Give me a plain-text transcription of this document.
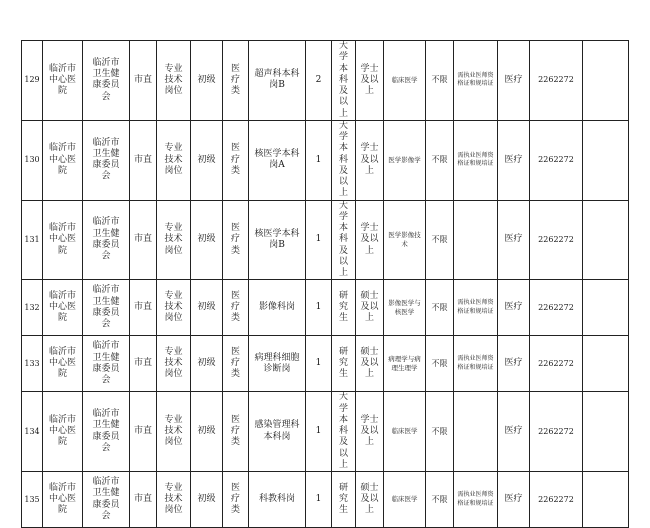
129	临沂市中心医院	临沂市卫生健康委员会	市直	专业技术岗位	初级	医疗类	超声科本科岗B	2	大学本科及以上	学士及以上	临床医学	不限	需执业医师资格证和规培证	医疗	2262272	
130	临沂市中心医院	临沂市卫生健康委员会	市直	专业技术岗位	初级	医疗类	核医学本科岗A	1	大学本科及以上	学士及以上	医学影像学	不限	需执业医师资格证和规培证	医疗	2262272	
131	临沂市中心医院	临沂市卫生健康委员会	市直	专业技术岗位	初级	医疗类	核医学本科岗B	1	大学本科及以上	学士及以上	医学影像技术	不限		医疗	2262272	
132	临沂市中心医院	临沂市卫生健康委员会	市直	专业技术岗位	初级	医疗类	影像科岗	1	研究生	硕士及以上	影像医学与核医学	不限	需执业医师资格证和规培证	医疗	2262272	
133	临沂市中心医院	临沂市卫生健康委员会	市直	专业技术岗位	初级	医疗类	病理科细胞诊断岗	1	研究生	硕士及以上	病理学与病理生理学	不限	需执业医师资格证和规培证	医疗	2262272	
134	临沂市中心医院	临沂市卫生健康委员会	市直	专业技术岗位	初级	医疗类	感染管理科本科岗	1	大学本科及以上	学士及以上	临床医学	不限		医疗	2262272	
135	临沂市中心医院	临沂市卫生健康委员会	市直	专业技术岗位	初级	医疗类	科教科岗	1	研究生	硕士及以上	临床医学	不限	需执业医师资格证和规培证	医疗	2262272	
